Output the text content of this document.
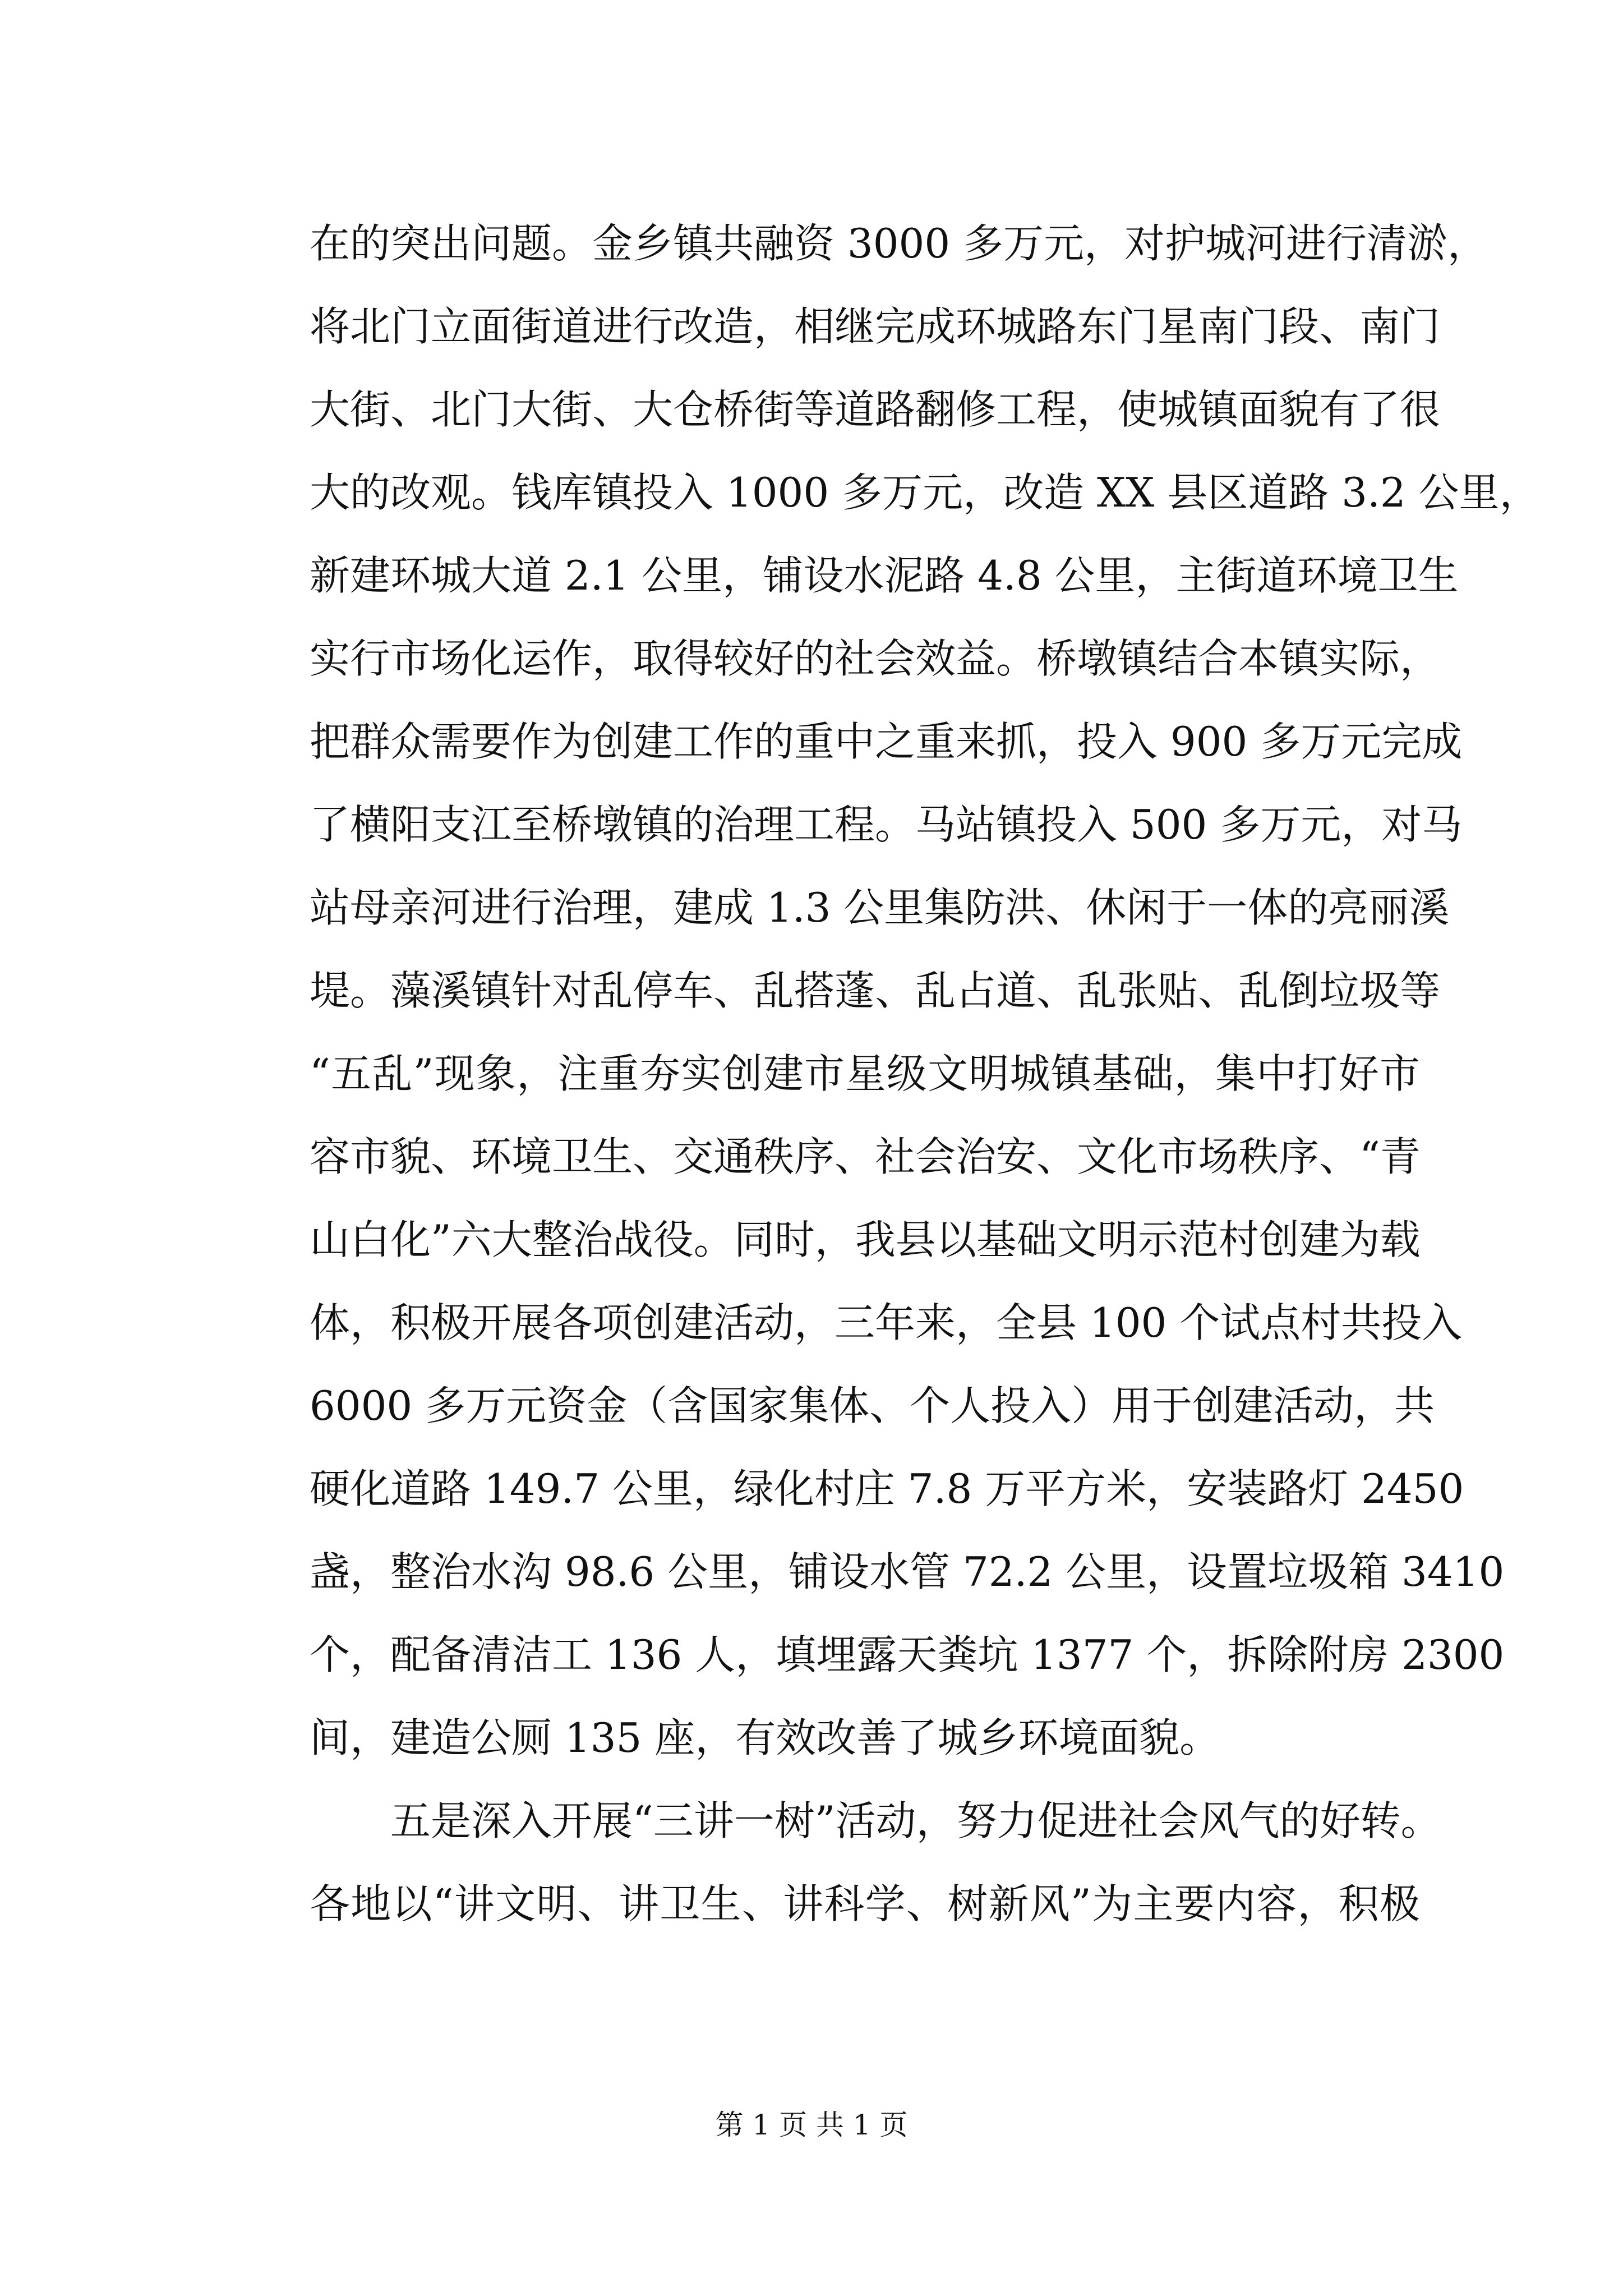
在的突出问题。金乡镇共融资 3000 多万元，对护城河进行清淤，
将北门立面街道进行改造，相继完成环城路东门星南门段、南门
大街、北门大街、大仓桥街等道路翻修工程，使城镇面貌有了很
大的改观。钱库镇投入 1000 多万元，改造 XX 县区道路 3.2 公里，
新建环城大道 2.1 公里，铺设水泥路 4.8 公里，主街道环境卫生
实行市场化运作，取得较好的社会效益。桥墩镇结合本镇实际，
把群众需要作为创建工作的重中之重来抓，投入 900 多万元完成
了横阳支江至桥墩镇的治理工程。马站镇投入 500 多万元，对马
站母亲河进行治理，建成 1.3 公里集防洪、休闲于一体的亮丽溪
堤。藻溪镇针对乱停车、乱搭蓬、乱占道、乱张贴、乱倒垃圾等
“五乱”现象，注重夯实创建市星级文明城镇基础，集中打好市
容市貌、环境卫生、交通秩序、社会治安、文化市场秩序、“青
山白化”六大整治战役。同时，我县以基础文明示范村创建为载
体，积极开展各项创建活动，三年来，全县 100 个试点村共投入
6000 多万元资金（含国家集体、个人投入）用于创建活动，共
硬化道路 149.7 公里，绿化村庄 7.8 万平方米，安装路灯 2450
盏，整治水沟 98.6 公里，铺设水管 72.2 公里，设置垃圾箱 3410
个，配备清洁工 136 人，填埋露天粪坑 1377 个，拆除附房 2300
间，建造公厕 135 座，有效改善了城乡环境面貌。
　　五是深入开展“三讲一树”活动，努力促进社会风气的好转。
各地以“讲文明、讲卫生、讲科学、树新风”为主要内容，积极
第 1 页 共 1 页
